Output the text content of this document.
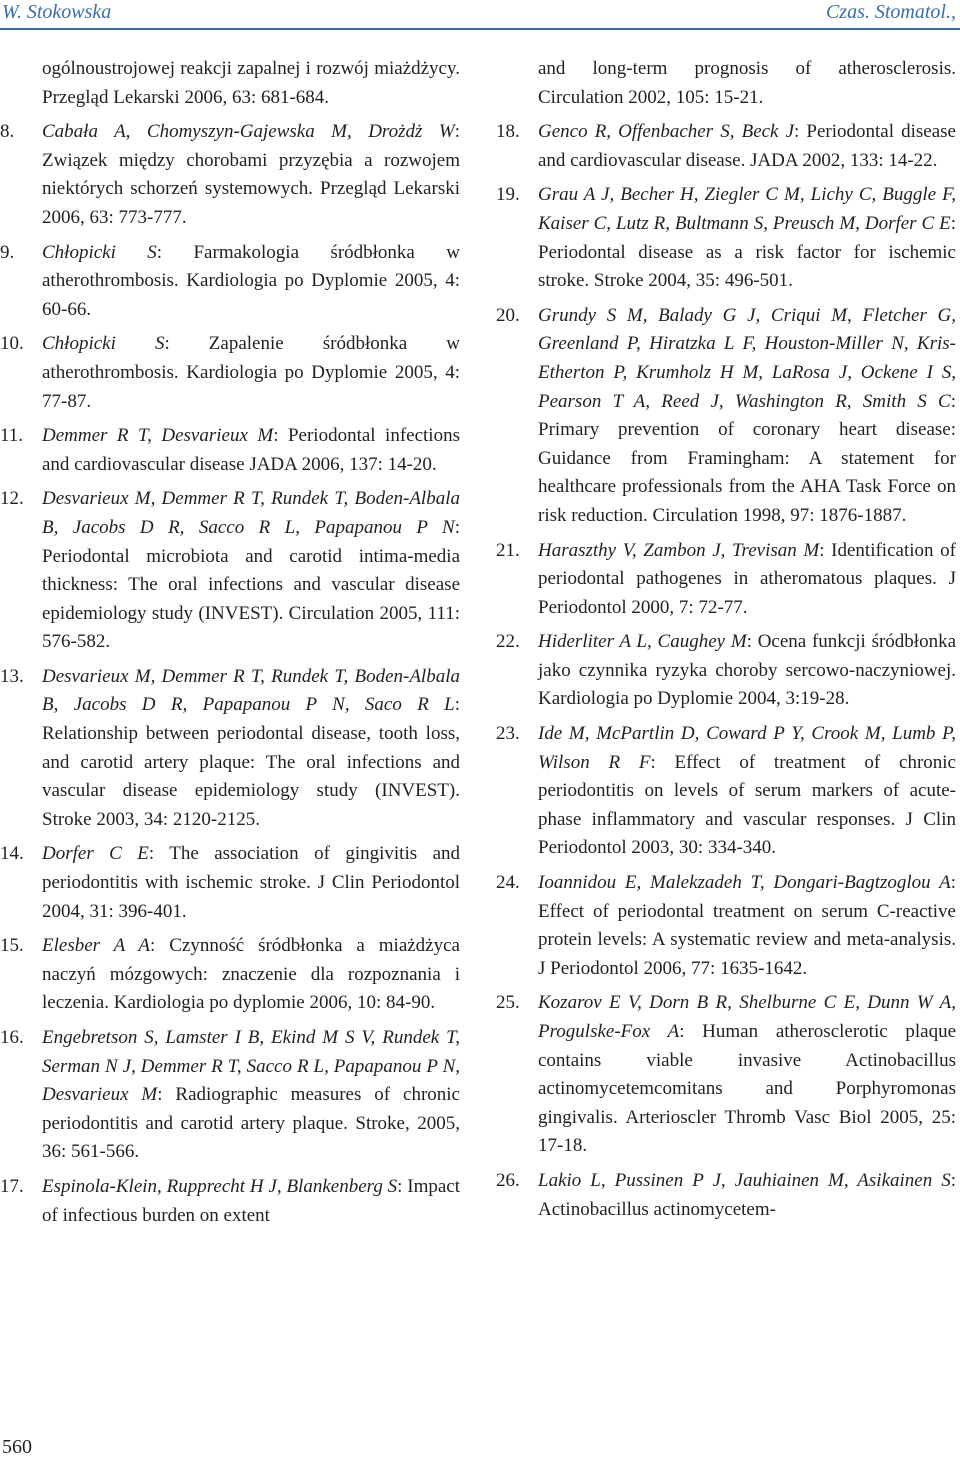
W. Stokowska	Czas. Stomatol.,

ogólnoustrojowej reakcji zapalnej i rozwój miażdżycy. Przegląd Lekarski 2006, 63: 681-684.

8.	Cabała A, Chomyszyn-Gajewska M, Drożdż W: Związek między chorobami przyzębia a rozwojem niektórych schorzeń systemowych. Przegląd Lekarski 2006, 63: 773-777.

9.	Chłopicki S: Farmakologia śródbłonka w atherothrombosis. Kardiologia po Dyplomie 2005, 4: 60-66.

10. Chłopicki S: Zapalenie śródbłonka w atherothrombosis. Kardiologia po Dyplomie 2005, 4: 77-87.

11. Demmer R T, Desvarieux M: Periodontal infections and cardiovascular disease JADA 2006, 137: 14-20.

12. Desvarieux M, Demmer R T, Rundek T, Boden-Albala B, Jacobs D R, Sacco R L, Papapanou P N: Periodontal microbiota and carotid intima-media thickness: The oral infections and vascular disease epidemiology study (INVEST). Circulation 2005, 111: 576-582.

13. Desvarieux M, Demmer R T, Rundek T, Boden-Albala B, Jacobs D R, Papapanou P N, Saco R L: Relationship between periodontal disease, tooth loss, and carotid artery plaque: The oral infections and vascular disease epidemiology study (INVEST). Stroke 2003, 34: 2120-2125.

14. Dorfer C E: The association of gingivitis and periodontitis with ischemic stroke. J Clin Periodontol 2004, 31: 396-401.

15. Elesber A A: Czynność śródbłonka a miażdżyca naczyń mózgowych: znaczenie dla rozpoznania i leczenia. Kardiologia po dyplomie 2006, 10: 84-90.

16. Engebretson S, Lamster I B, Ekind M S V, Rundek T, Serman N J, Demmer R T, Sacco R L, Papapanou P N, Desvarieux M: Radiographic measures of chronic periodontitis and carotid artery plaque. Stroke, 2005, 36: 561-566.

17. Espinola-Klein, Rupprecht H J, Blankenberg S: Impact of infectious burden on extent

and long-term prognosis of atherosclerosis. Circulation 2002, 105: 15-21.

18. Genco R, Offenbacher S, Beck J: Periodontal disease and cardiovascular disease. JADA 2002, 133: 14-22.

19. Grau A J, Becher H, Ziegler C M, Lichy C, Buggle F, Kaiser C, Lutz R, Bultmann S, Preusch M, Dorfer C E: Periodontal disease as a risk factor for ischemic stroke. Stroke 2004, 35: 496-501.

20. Grundy S M, Balady G J, Criqui M, Fletcher G, Greenland P, Hiratzka L F, Houston-Miller N, Kris-Etherton P, Krumholz H M, LaRosa J, Ockene I S, Pearson T A, Reed J, Washington R, Smith S C: Primary prevention of coronary heart disease: Guidance from Framingham: A statement for healthcare professionals from the AHA Task Force on risk reduction. Circulation 1998, 97: 1876-1887.

21. Haraszthy V, Zambon J, Trevisan M: Identification of periodontal pathogenes in atheromatous plaques. J Periodontol 2000, 7: 72-77.

22. Hiderliter A L, Caughey M: Ocena funkcji śródbłonka jako czynnika ryzyka choroby sercowo-naczyniowej. Kardiologia po Dyplomie 2004, 3:19-28.

23. Ide M, McPartlin D, Coward P Y, Crook M, Lumb P, Wilson R F: Effect of treatment of chronic periodontitis on levels of serum markers of acute-phase inflammatory and vascular responses. J Clin Periodontol 2003, 30: 334-340.

24. Ioannidou E, Malekzadeh T, Dongari-Bagtzoglou A: Effect of periodontal treatment on serum C-reactive protein levels: A systematic review and meta-analysis. J Periodontol 2006, 77: 1635-1642.

25. Kozarov E V, Dorn B R, Shelburne C E, Dunn W A, Progulske-Fox A: Human atherosclerotic plaque contains viable invasive Actinobacillus actinomycetemcomitans and Porphyromonas gingivalis. Arterioscler Thromb Vasc Biol 2005, 25: 17-18.

26. Lakio L, Pussinen P J, Jauhiainen M, Asikainen S: Actinobacillus actinomycetem-

560
